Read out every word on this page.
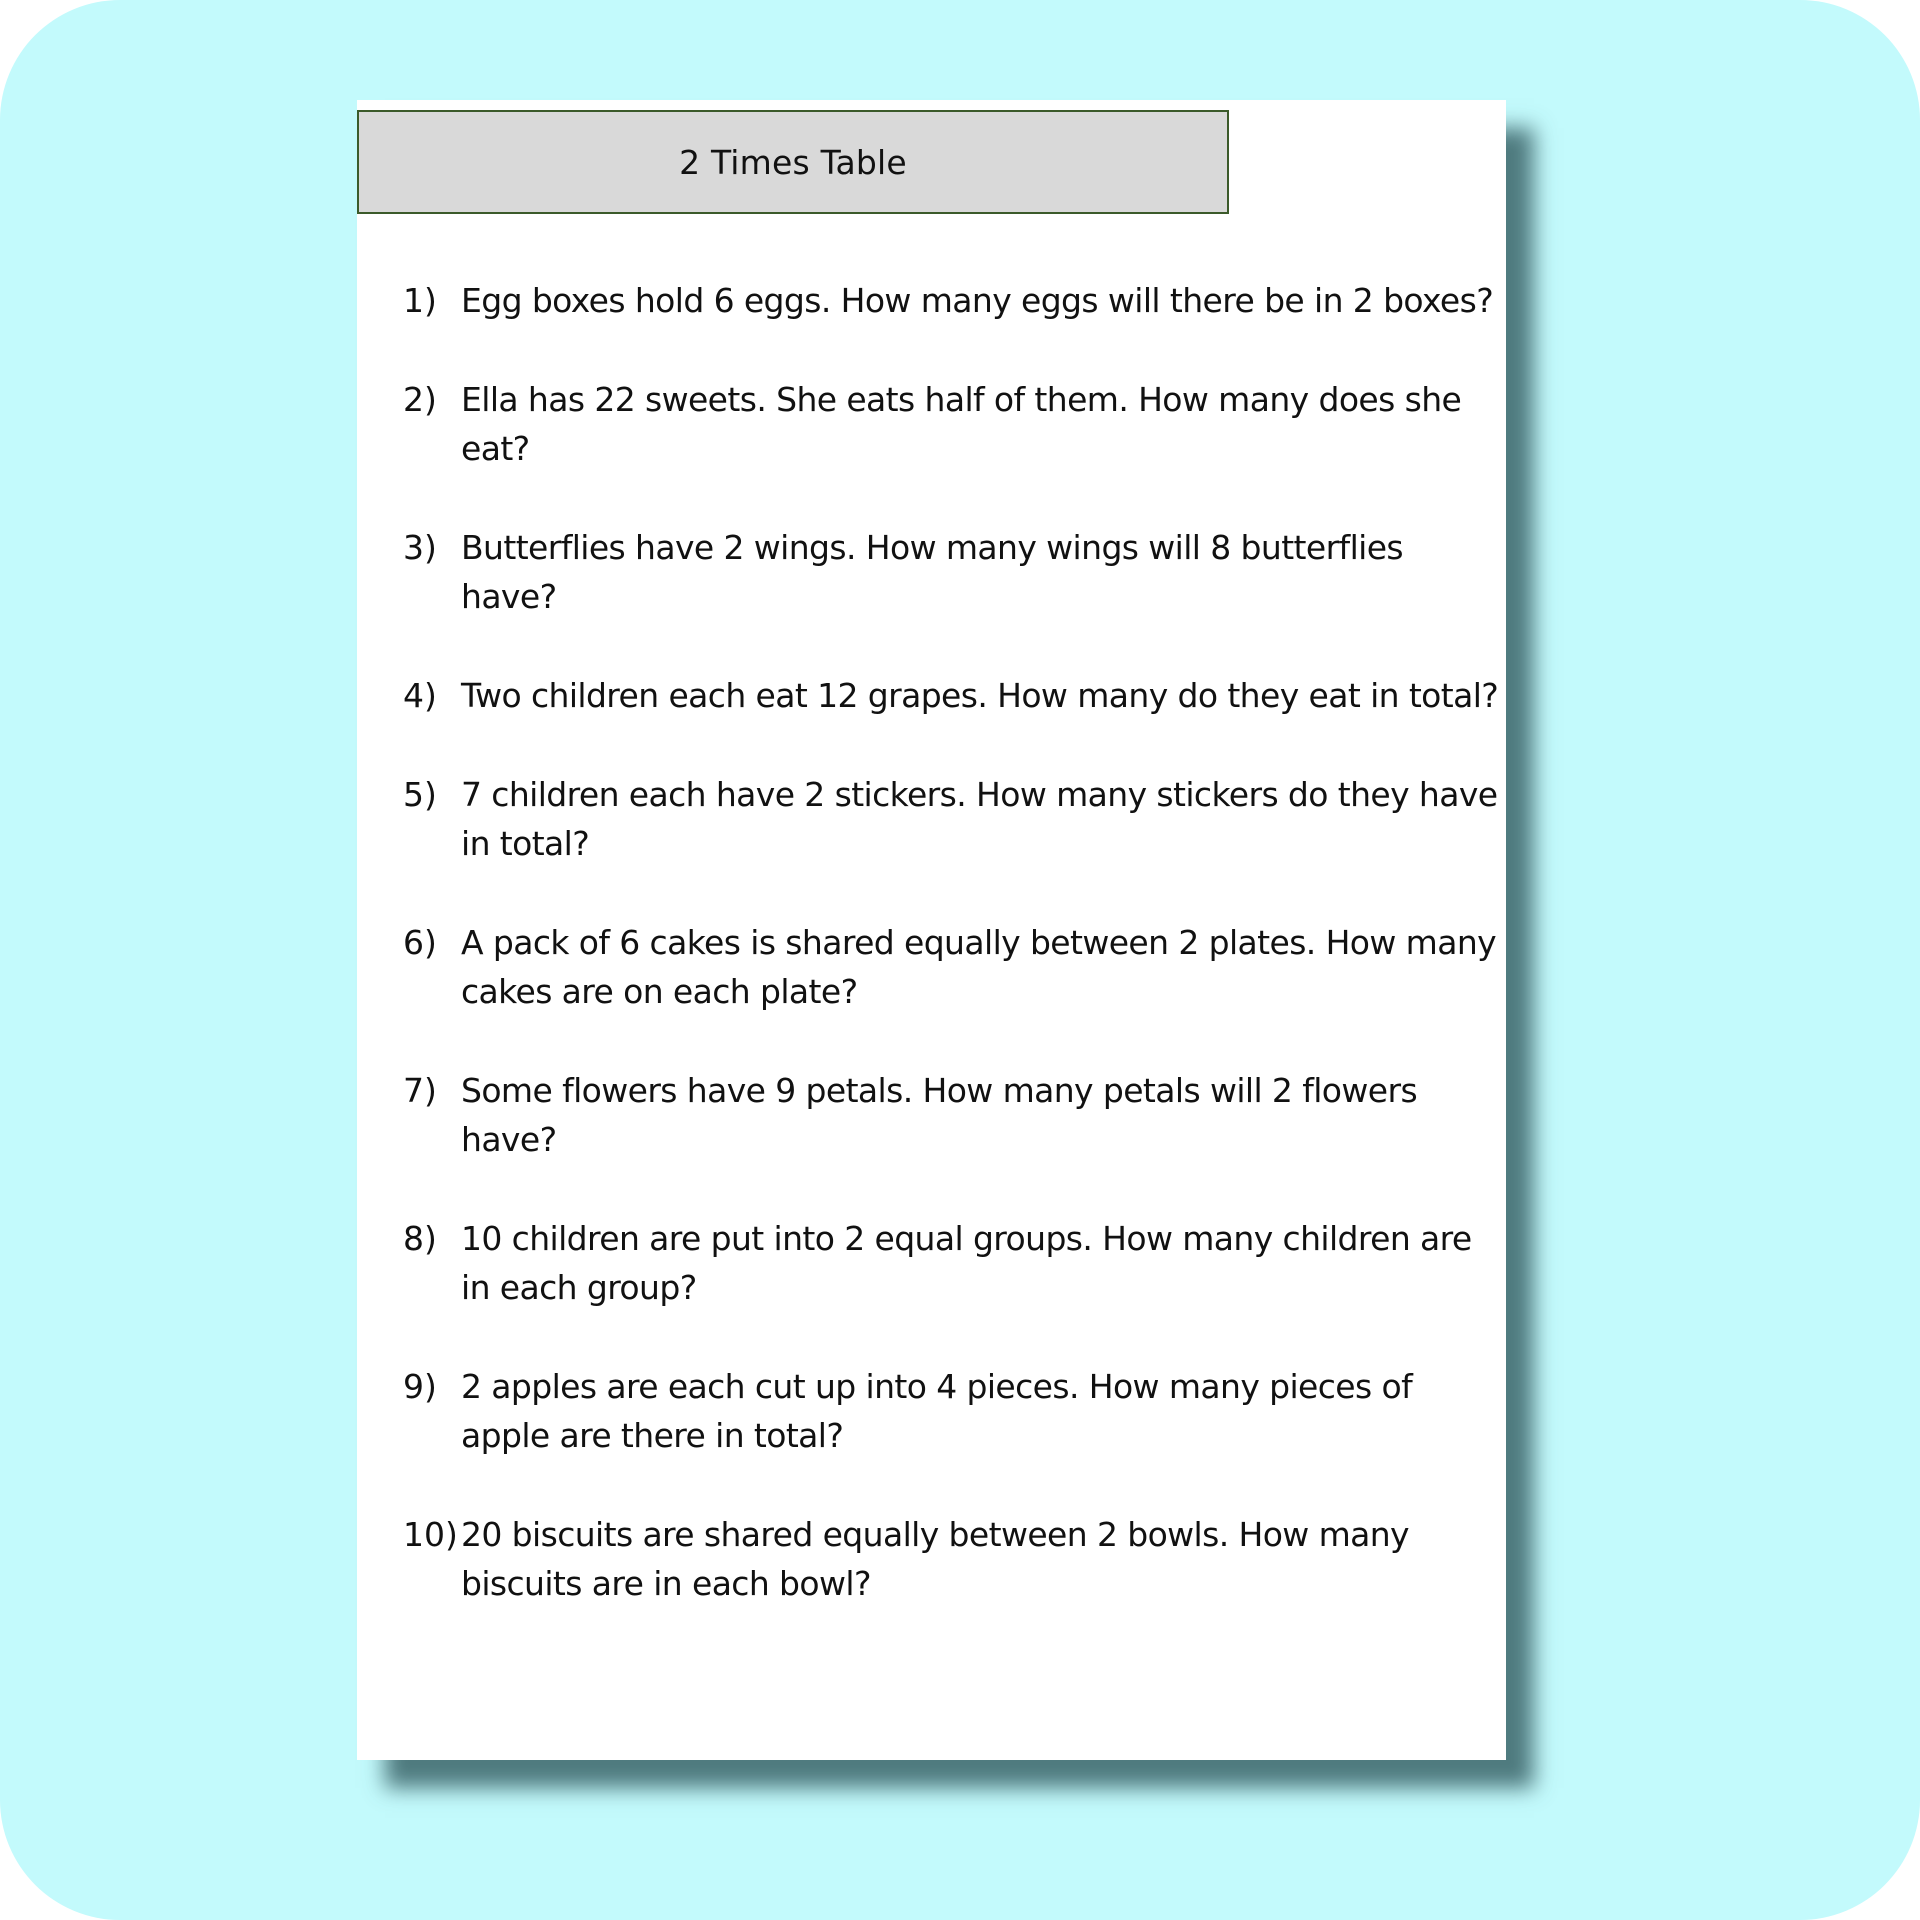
2 Times Table
1) Egg boxes hold 6 eggs. How many eggs will there be in 2 boxes?
2) Ella has 22 sweets. She eats half of them. How many does she eat?
3) Butterflies have 2 wings. How many wings will 8 butterflies have?
4) Two children each eat 12 grapes. How many do they eat in total?
5) 7 children each have 2 stickers. How many stickers do they have in total?
6) A pack of 6 cakes is shared equally between 2 plates. How many cakes are on each plate?
7) Some flowers have 9 petals. How many petals will 2 flowers have?
8) 10 children are put into 2 equal groups. How many children are in each group?
9) 2 apples are each cut up into 4 pieces. How many pieces of apple are there in total?
10) 20 biscuits are shared equally between 2 bowls. How many biscuits are in each bowl?
